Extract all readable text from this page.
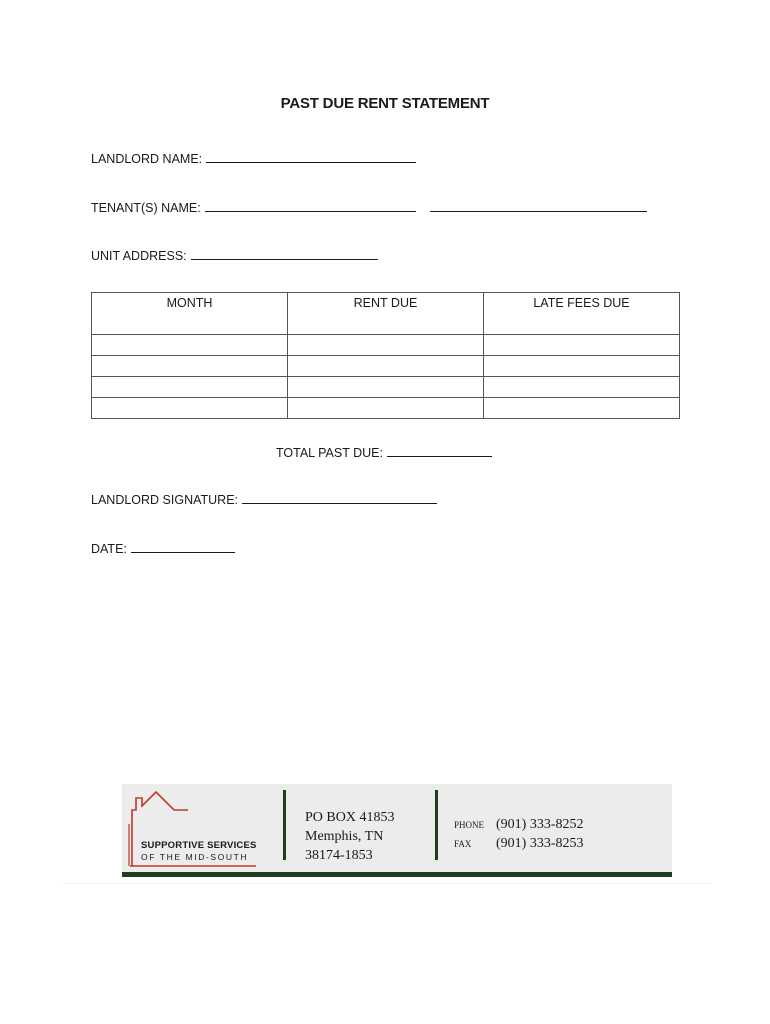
PAST DUE RENT STATEMENT
LANDLORD NAME:
TENANT(S) NAME:
UNIT ADDRESS:
MONTH	RENT DUE	LATE FEES DUE

TOTAL PAST DUE:
LANDLORD SIGNATURE:
DATE:
SUPPORTIVE SERVICES
OF THE MID-SOUTH
PO BOX 41853
Memphis, TN
38174-1853
PHONE (901) 333-8252
FAX (901) 333-8253
